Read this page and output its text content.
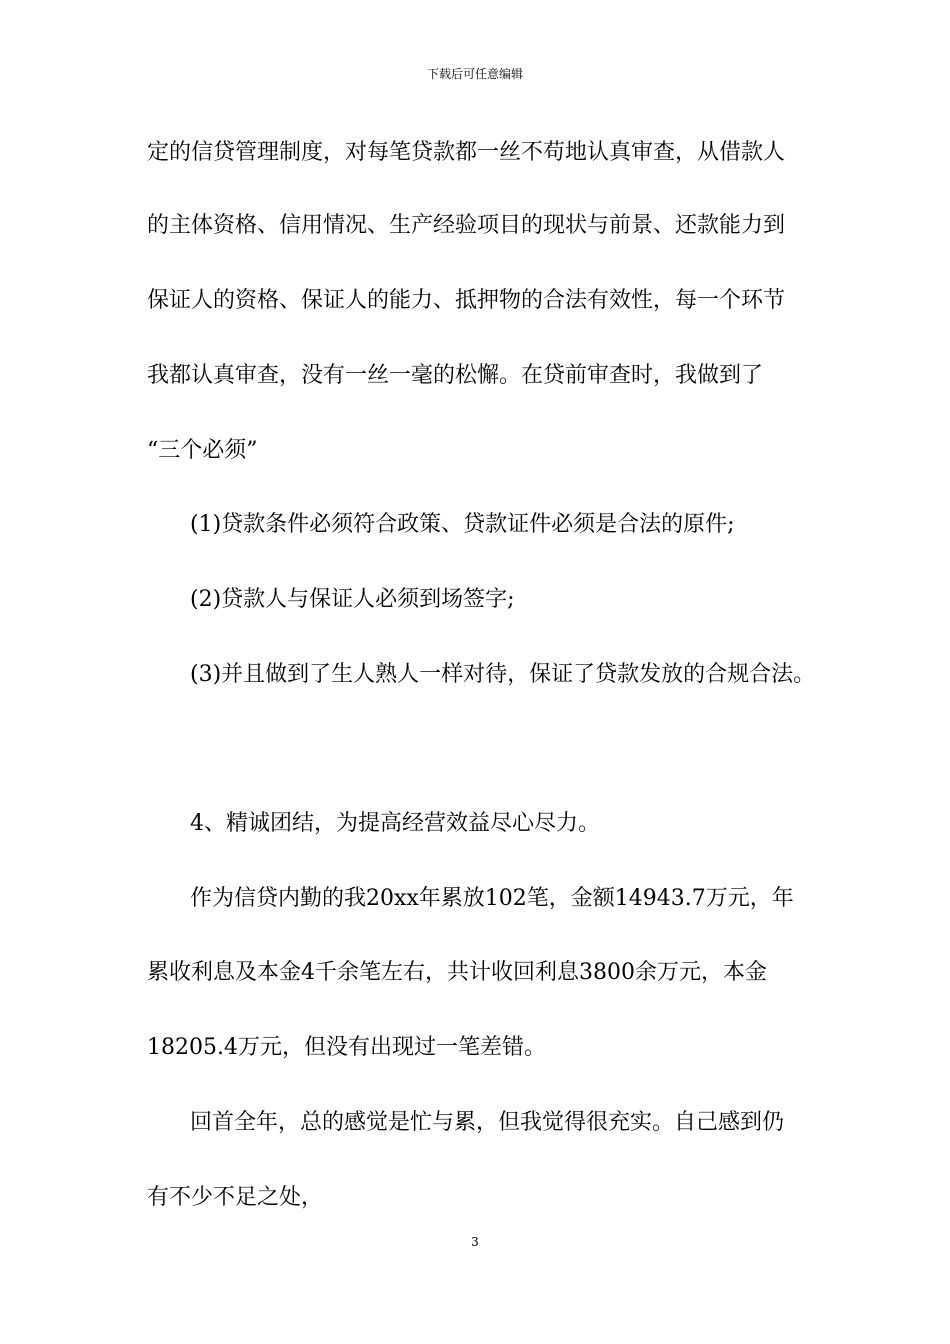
下载后可任意编辑
定的信贷管理制度，对每笔贷款都一丝不苟地认真审查，从借款人
的主体资格、信用情况、生产经验项目的现状与前景、还款能力到
保证人的资格、保证人的能力、抵押物的合法有效性，每一个环节
我都认真审查，没有一丝一毫的松懈。在贷前审查时，我做到了
“三个必须”
(1)贷款条件必须符合政策、贷款证件必须是合法的原件;
(2)贷款人与保证人必须到场签字;
(3)并且做到了生人熟人一样对待，保证了贷款发放的合规合法。
4、精诚团结，为提高经营效益尽心尽力。
作为信贷内勤的我20xx年累放102笔，金额14943.7万元，年
累收利息及本金4千余笔左右，共计收回利息3800余万元，本金
18205.4万元，但没有出现过一笔差错。
回首全年，总的感觉是忙与累，但我觉得很充实。自己感到仍
有不少不足之处，
3
